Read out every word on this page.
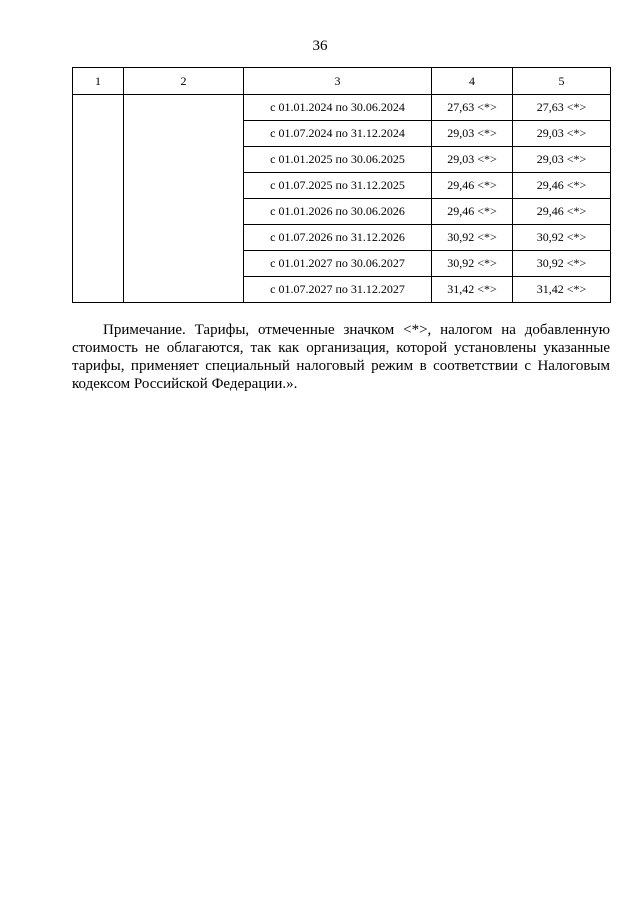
36
1	2	3	4	5
		с 01.01.2024 по 30.06.2024	27,63 <*>	27,63 <*>
		с 01.07.2024 по 31.12.2024	29,03 <*>	29,03 <*>
		с 01.01.2025 по 30.06.2025	29,03 <*>	29,03 <*>
		с 01.07.2025 по 31.12.2025	29,46 <*>	29,46 <*>
		с 01.01.2026 по 30.06.2026	29,46 <*>	29,46 <*>
		с 01.07.2026 по 31.12.2026	30,92 <*>	30,92 <*>
		с 01.01.2027 по 30.06.2027	30,92 <*>	30,92 <*>
		с 01.07.2027 по 31.12.2027	31,42 <*>	31,42 <*>
Примечание. Тарифы, отмеченные значком <*>, налогом на добавленную
стоимость не облагаются, так как организация, которой установлены указанные тарифы, применяет специальный налоговый режим в соответствии с Налоговым кодексом Российской Федерации.».
